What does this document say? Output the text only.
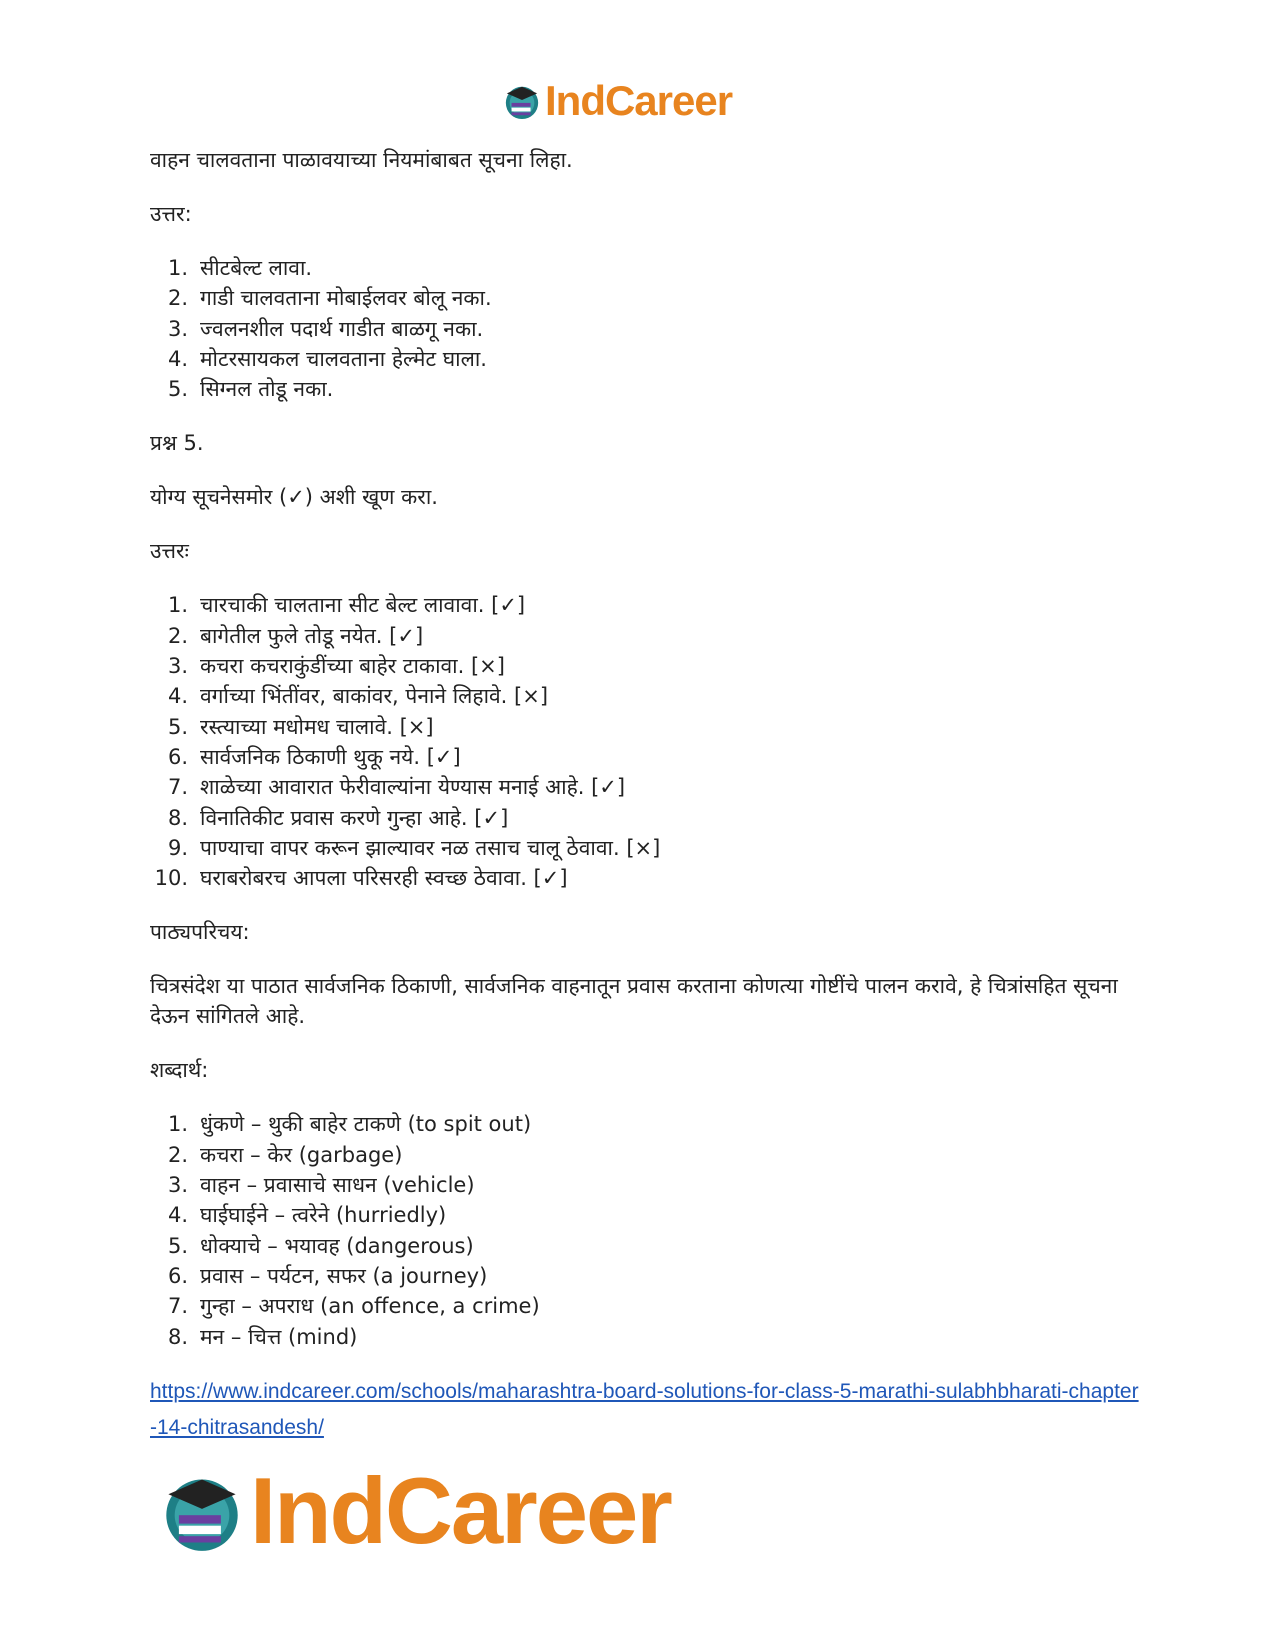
IndCareer

वाहन चालवताना पाळावयाच्या नियमांबाबत सूचना लिहा.

उत्तर:

1. सीटबेल्ट लावा.
2. गाडी चालवताना मोबाईलवर बोलू नका.
3. ज्वलनशील पदार्थ गाडीत बाळगू नका.
4. मोटरसायकल चालवताना हेल्मेट घाला.
5. सिग्नल तोडू नका.

प्रश्न 5.

योग्य सूचनेसमोर (✓) अशी खूण करा.

उत्तरः

1. चारचाकी चालताना सीट बेल्ट लावावा. [✓]
2. बागेतील फुले तोडू नयेत. [✓]
3. कचरा कचराकुंडींच्या बाहेर टाकावा. [×]
4. वर्गाच्या भिंतींवर, बाकांवर, पेनाने लिहावे. [×]
5. रस्त्याच्या मधोमध चालावे. [×]
6. सार्वजनिक ठिकाणी थुकू नये. [✓]
7. शाळेच्या आवारात फेरीवाल्यांना येण्यास मनाई आहे. [✓]
8. विनातिकीट प्रवास करणे गुन्हा आहे. [✓]
9. पाण्याचा वापर करून झाल्यावर नळ तसाच चालू ठेवावा. [×]
10. घराबरोबरच आपला परिसरही स्वच्छ ठेवावा. [✓]

पाठ्यपरिचय:

चित्रसंदेश या पाठात सार्वजनिक ठिकाणी, सार्वजनिक वाहनातून प्रवास करताना कोणत्या गोष्टींचे पालन करावे, हे चित्रांसहित सूचना देऊन सांगितले आहे.

शब्दार्थ:

1. धुंकणे – थुकी बाहेर टाकणे (to spit out)
2. कचरा – केर (garbage)
3. वाहन – प्रवासाचे साधन (vehicle)
4. घाईघाईने – त्वरेने (hurriedly)
5. धोक्याचे – भयावह (dangerous)
6. प्रवास – पर्यटन, सफर (a journey)
7. गुन्हा – अपराध (an offence, a crime)
8. मन – चित्त (mind)
https://www.indcareer.com/schools/maharashtra-board-solutions-for-class-5-marathi-sulabhbharati-chapter-14-chitrasandesh/
IndCareer
